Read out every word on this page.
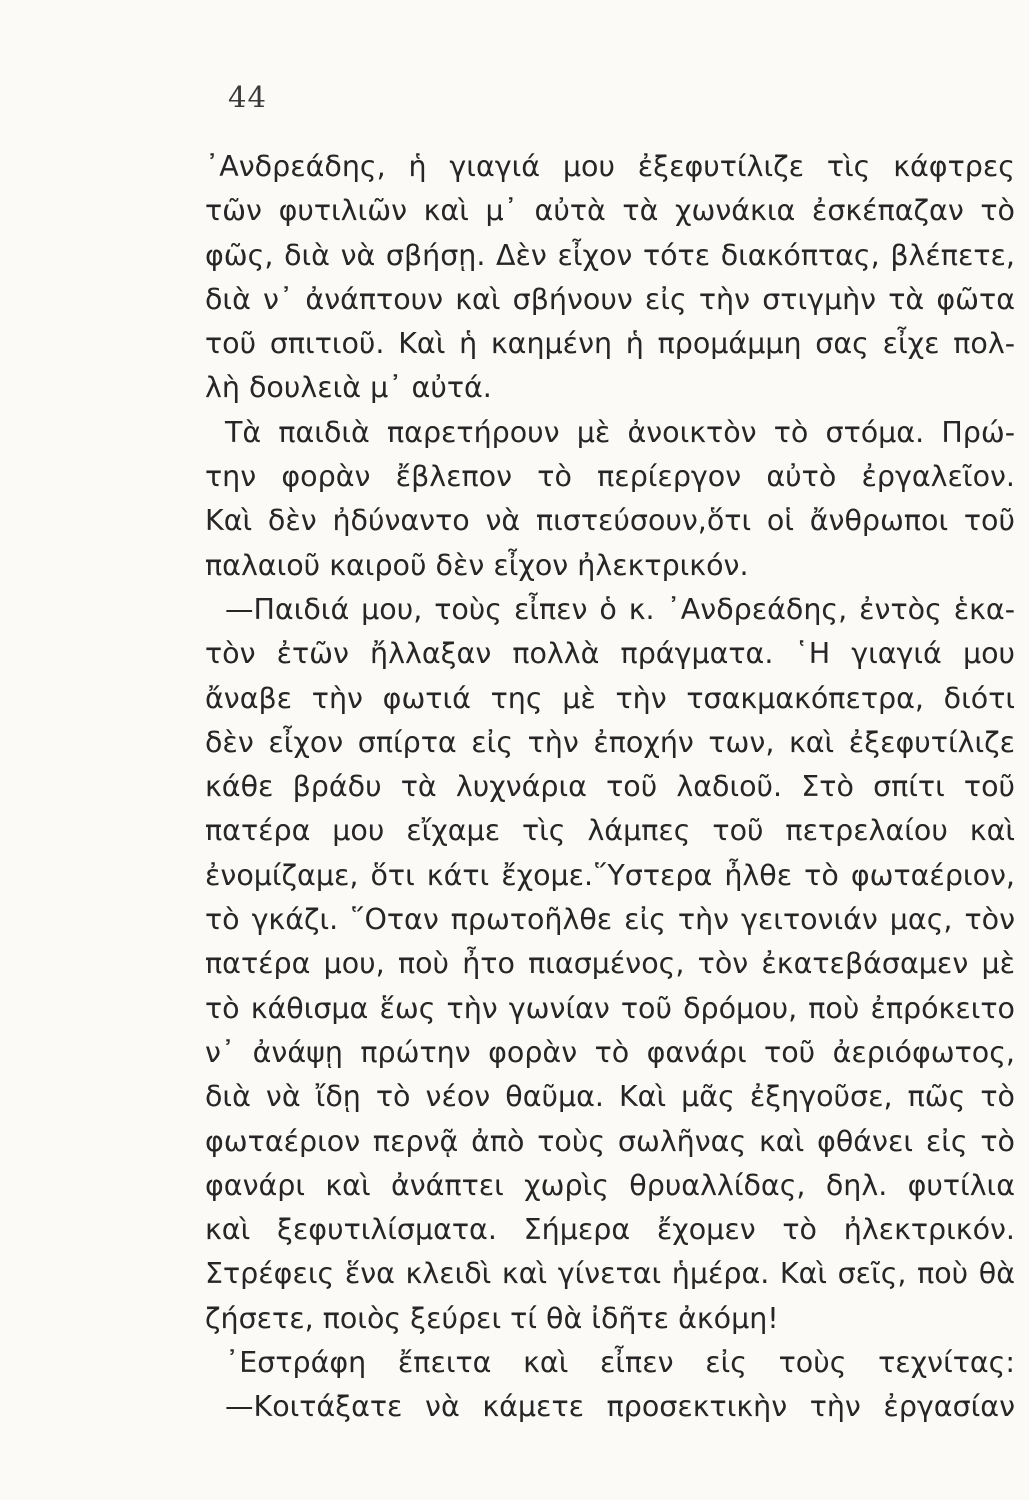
44
᾿Ανδρεάδης, ἡ γιαγιά μου ἐξεφυτίλιζε τὶς κάφτρες
τῶν φυτιλιῶν καὶ μ᾿ αὐτὰ τὰ χωνάκια ἐσκέπαζαν τὸ
φῶς, διὰ νὰ σβήσῃ. Δὲν εἶχον τότε διακόπτας, βλέπετε,
διὰ ν᾿ ἀνάπτουν καὶ σβήνουν εἰς τὴν στιγμὴν τὰ φῶτα
τοῦ σπιτιοῦ. Καὶ ἡ καημένη ἡ προμάμμη σας εἶχε πολ-
λὴ δουλειὰ μ᾿ αὐτά.
Τὰ παιδιὰ παρετήρουν μὲ ἀνοικτὸν τὸ στόμα. Πρώ-
την φορὰν ἔβλεπον τὸ περίεργον αὐτὸ ἐργαλεῖον.
Καὶ δὲν ἠδύναντο νὰ πιστεύσουν,ὅτι οἱ ἄνθρωποι τοῦ
παλαιοῦ καιροῦ δὲν εἶχον ἠλεκτρικόν.
—Παιδιά μου, τοὺς εἶπεν ὁ κ. ᾿Ανδρεάδης, ἐντὸς ἑκα-
τὸν ἐτῶν ἤλλαξαν πολλὰ πράγματα. ῾Η γιαγιά μου
ἄναβε τὴν φωτιά της μὲ τὴν τσακμακόπετρα, διότι
δὲν εἶχον σπίρτα εἰς τὴν ἐποχήν των, καὶ ἐξεφυτίλιζε
κάθε βράδυ τὰ λυχνάρια τοῦ λαδιοῦ. Στὸ σπίτι τοῦ
πατέρα μου εἴχαμε τὶς λάμπες τοῦ πετρελαίου καὶ
ἐνομίζαμε, ὅτι κάτι ἔχομε.῞Υστερα ἦλθε τὸ φωταέριον,
τὸ γκάζι. ῞Οταν πρωτοῆλθε εἰς τὴν γειτονιάν μας, τὸν
πατέρα μου, ποὺ ἦτο πιασμένος, τὸν ἐκατεβάσαμεν μὲ
τὸ κάθισμα ἕως τὴν γωνίαν τοῦ δρόμου, ποὺ ἐπρόκειτο
ν᾿ ἀνάψῃ πρώτην φορὰν τὸ φανάρι τοῦ ἀεριόφωτος,
διὰ νὰ ἴδῃ τὸ νέον θαῦμα. Καὶ μᾶς ἐξηγοῦσε, πῶς τὸ
φωταέριον περνᾷ ἀπὸ τοὺς σωλῆνας καὶ φθάνει εἰς τὸ
φανάρι καὶ ἀνάπτει χωρὶς θρυαλλίδας, δηλ. φυτίλια
καὶ ξεφυτιλίσματα. Σήμερα ἔχομεν τὸ ἠλεκτρικόν.
Στρέφεις ἕνα κλειδὶ καὶ γίνεται ἡμέρα. Καὶ σεῖς, ποὺ θὰ
ζήσετε, ποιὸς ξεύρει τί θὰ ἰδῆτε ἀκόμη!
᾿Εστράφη ἔπειτα καὶ εἶπεν εἰς τοὺς τεχνίτας:
—Κοιτάξατε νὰ κάμετε προσεκτικὴν τὴν ἐργασίαν
